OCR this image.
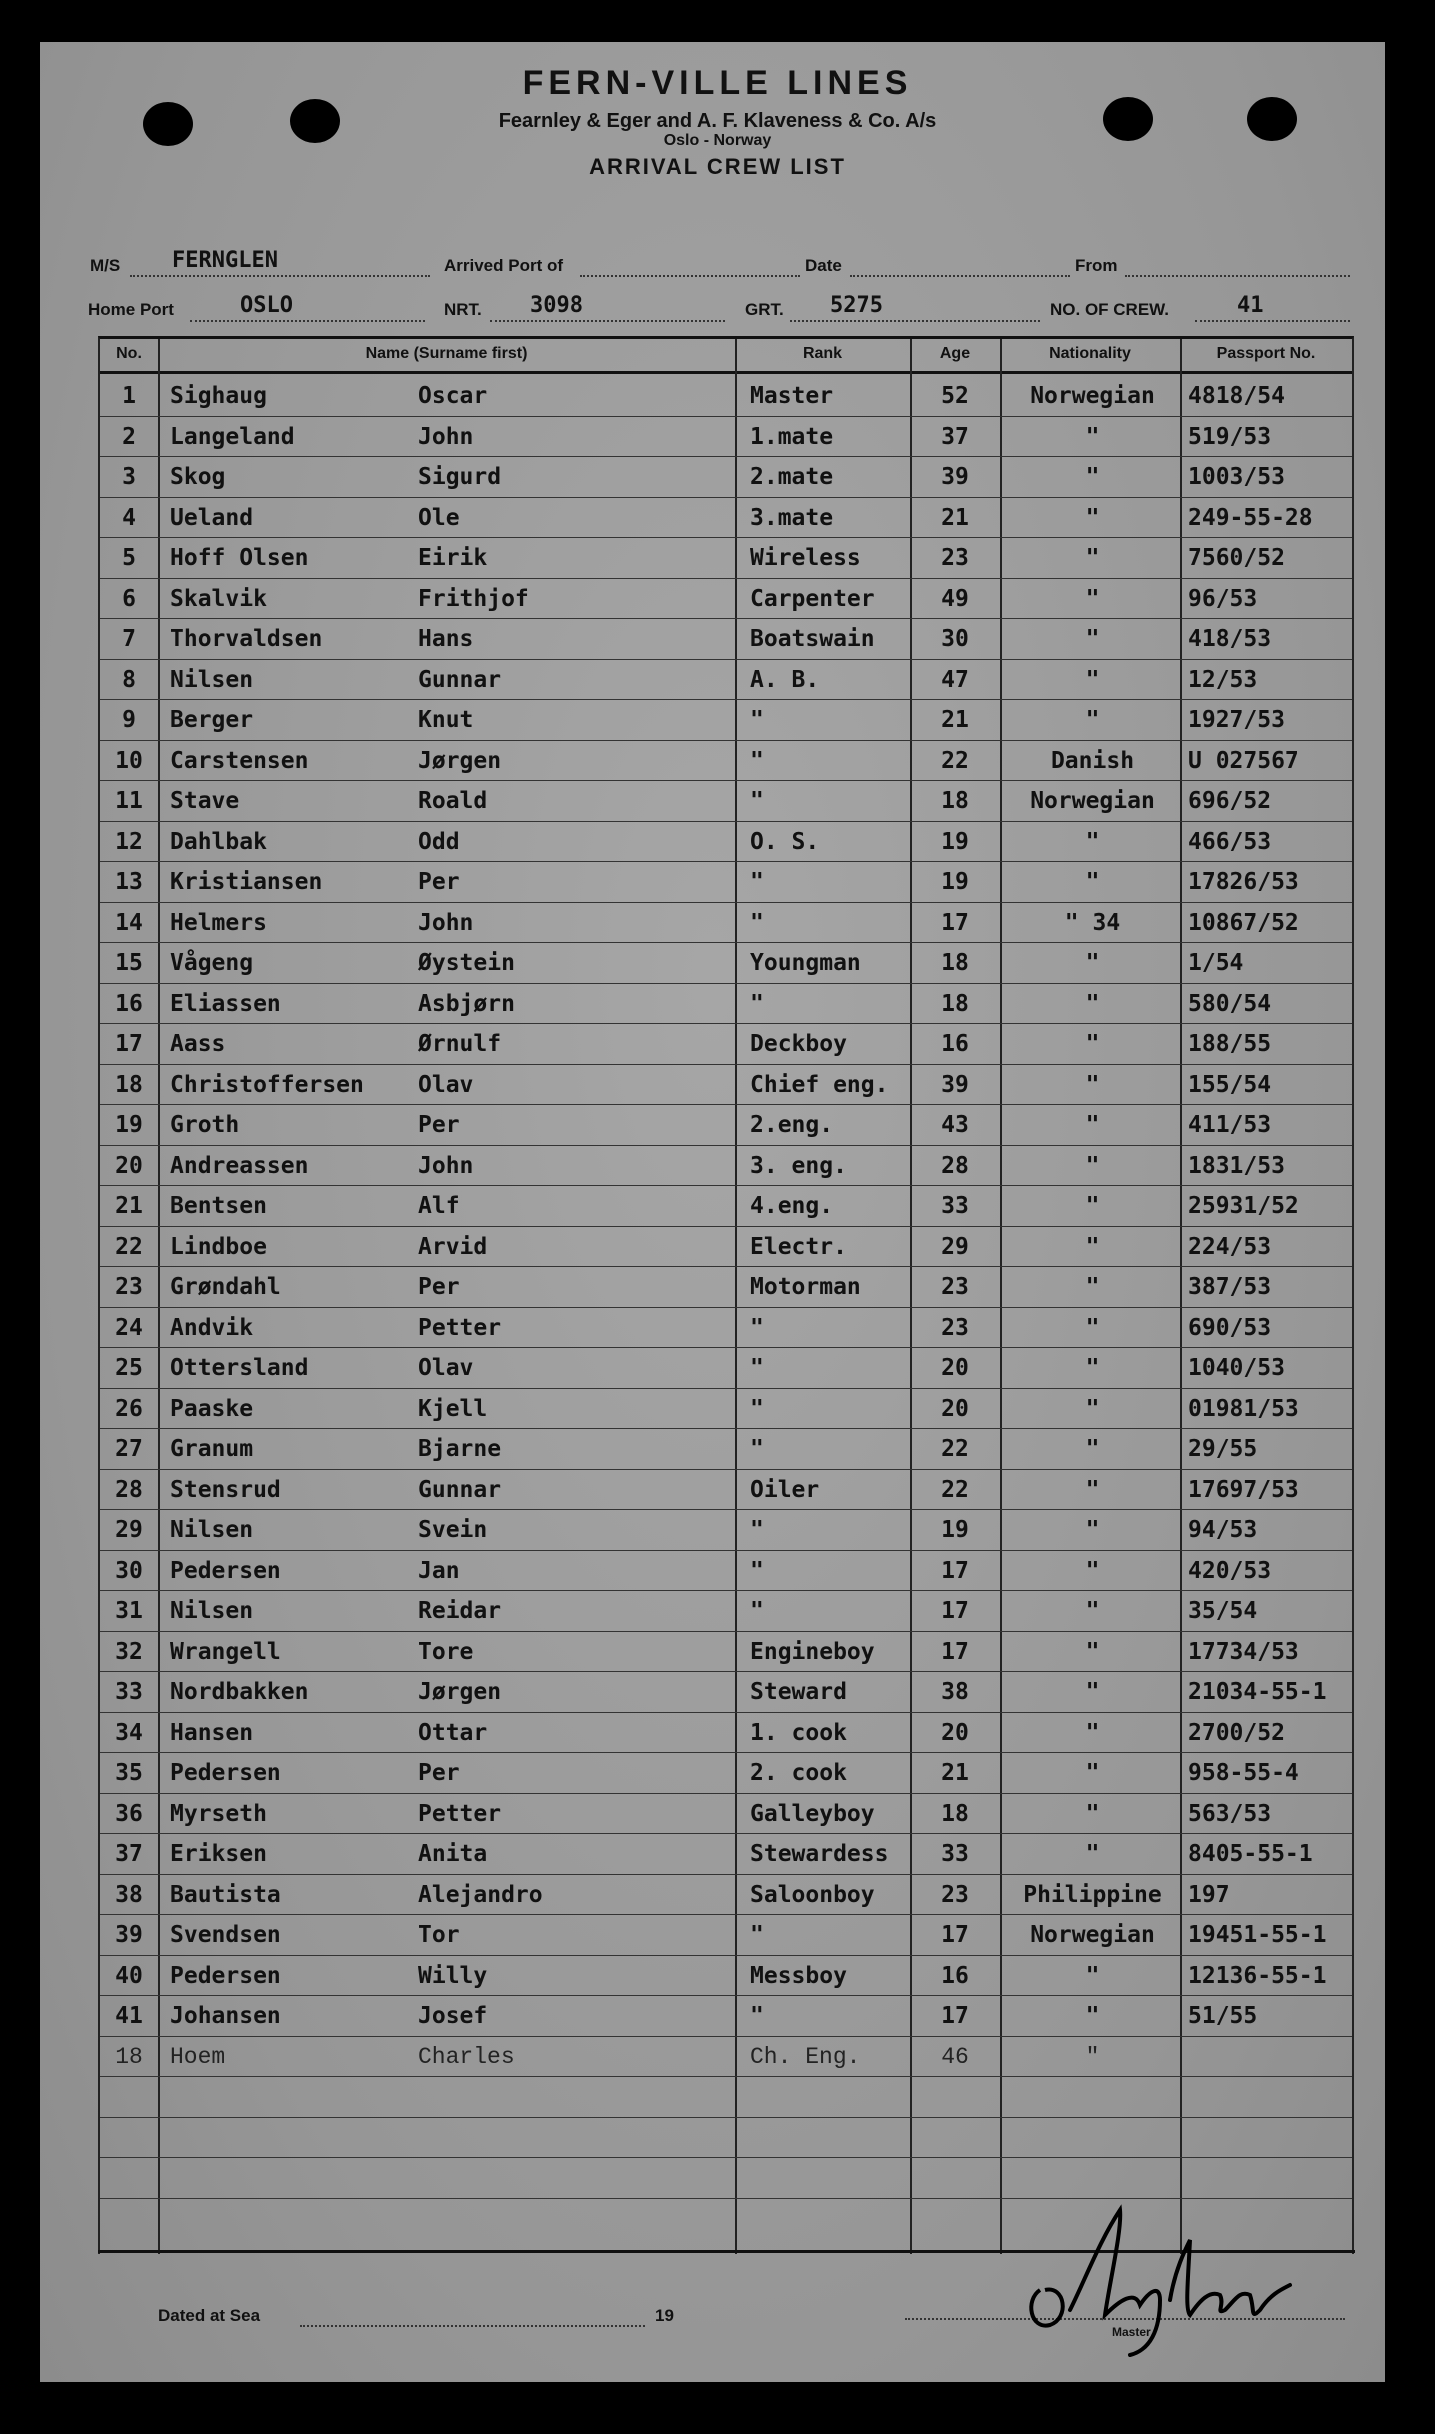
FERN-VILLE LINES
Fearnley & Eger and A. F. Klaveness & Co. A/s
Oslo - Norway
ARRIVAL CREW LIST
M/S FERNGLEN	Arrived Port of	Date	From
Home Port	OSLO	NRT. 3098	GRT. 5275	NO. OF CREW.	41
No.	Name (Surname first)	Rank	Age	Nationality	Passport No.
1	Sighaug	Oscar	Master	52	Norwegian	4818/54
2	Langeland	John	1.mate	37	"	519/53
3	Skog	Sigurd	2.mate	39	"	1003/53
4	Ueland	Ole	3.mate	21	"	249-55-28
5	Hoff Olsen	Eirik	Wireless	23	"	7560/52
6	Skalvik	Frithjof	Carpenter	49	"	96/53
7	Thorvaldsen	Hans	Boatswain	30	"	418/53
8	Nilsen	Gunnar	A. B.	47	"	12/53
9	Berger	Knut	"	21	"	1927/53
10	Carstensen	Jørgen	"	22	Danish	U 027567
11	Stave	Roald	"	18	Norwegian	696/52
12	Dahlbak	Odd	O. S.	19	"	466/53
13	Kristiansen	Per	"	19	"	17826/53
14	Helmers	John	"	17	" 34	10867/52
15	Vågeng	Øystein	Youngman	18	"	1/54
16	Eliassen	Asbjørn	"	18	"	580/54
17	Aass	Ørnulf	Deckboy	16	"	188/55
18	Christoffersen Olav	Chief eng.	39	"	155/54
19	Groth	Per	2.eng.	43	"	411/53
20	Andreassen	John	3. eng.	28	"	1831/53
21	Bentsen	Alf	4.eng.	33	"	25931/52
22	Lindboe	Arvid	Electr.	29	"	224/53
23	Grøndahl	Per	Motorman	23	"	387/53
24	Andvik	Petter	"	23	"	690/53
25	Ottersland	Olav	"	20	"	1040/53
26	Paaske	Kjell	"	20	"	01981/53
27	Granum	Bjarne	"	22	"	29/55
28	Stensrud	Gunnar	Oiler	22	"	17697/53
29	Nilsen	Svein	"	19	"	94/53
30	Pedersen	Jan	"	17	"	420/53
31	Nilsen	Reidar	"	17	"	35/54
32	Wrangell	Tore	Engineboy	17	"	17734/53
33	Nordbakken	Jørgen	Steward	38	"	21034-55-1
34	Hansen	Ottar	1. cook	20	"	2700/52
35	Pedersen	Per	2. cook	21	"	958-55-4
36	Myrseth	Petter	Galleyboy	18	"	563/53
37	Eriksen	Anita	Stewardess	33	"	8405-55-1
38	Bautista	Alejandro	Saloonboy	23	Philippine	197
39	Svendsen	Tor	"	17	Norwegian	19451-55-1
40	Pedersen	Willy	Messboy	16	"	12136-55-1
41	Johansen	Josef	"	17	"	51/55
18	Hoem	Charles	Ch. Eng.	46	"
Dated at Sea	19
Master
